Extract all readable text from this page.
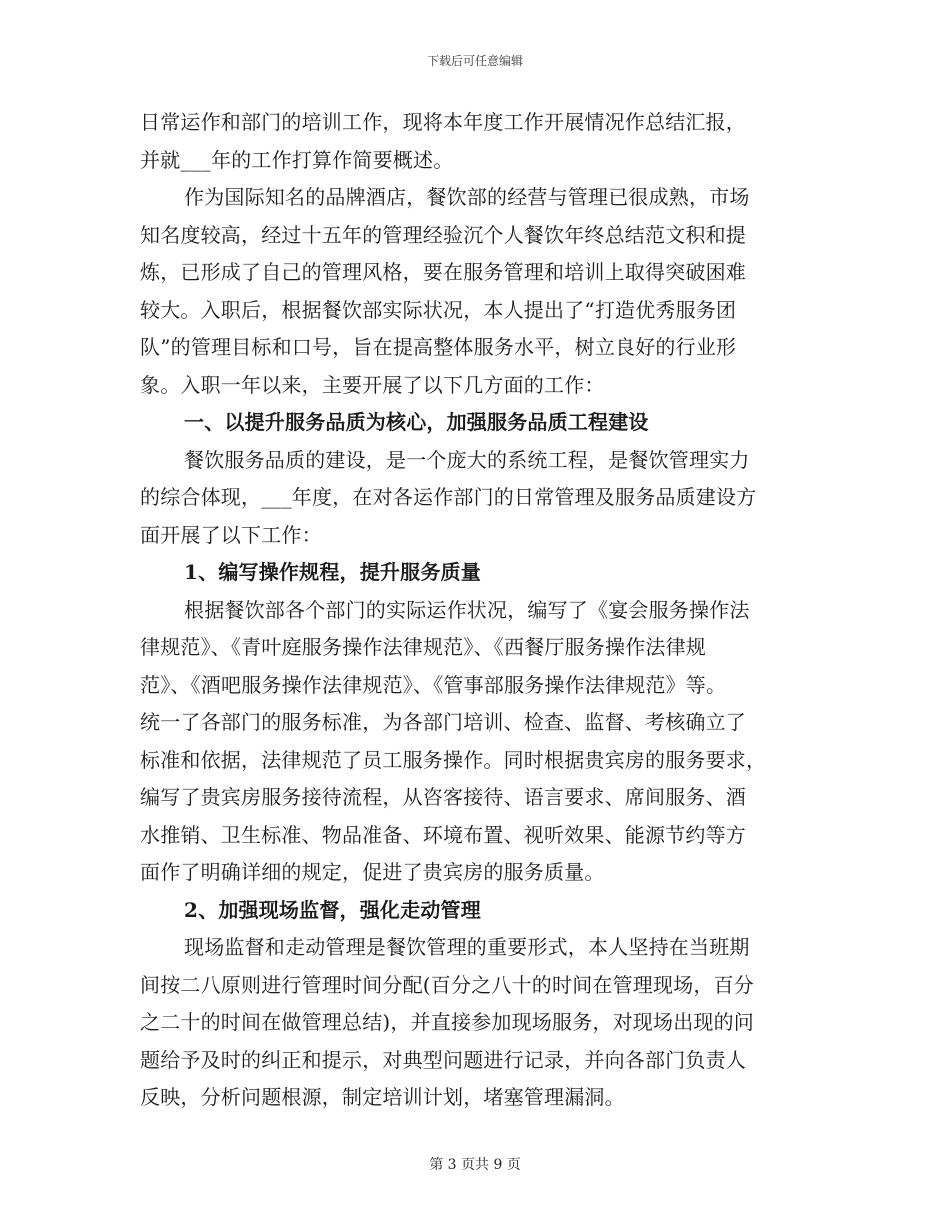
下载后可任意编辑
日常运作和部门的培训工作，现将本年度工作开展情况作总结汇报，
并就___年的工作打算作简要概述。
作为国际知名的品牌酒店，餐饮部的经营与管理已很成熟，市场
知名度较高，经过十五年的管理经验沉个人餐饮年终总结范文积和提
炼，已形成了自己的管理风格，要在服务管理和培训上取得突破困难
较大。入职后，根据餐饮部实际状况，本人提出了“打造优秀服务团
队”的管理目标和口号，旨在提高整体服务水平，树立良好的行业形
象。入职一年以来，主要开展了以下几方面的工作：
一、以提升服务品质为核心，加强服务品质工程建设
餐饮服务品质的建设，是一个庞大的系统工程，是餐饮管理实力
的综合体现，___年度，在对各运作部门的日常管理及服务品质建设方
面开展了以下工作：
1、编写操作规程，提升服务质量
根据餐饮部各个部门的实际运作状况，编写了《宴会服务操作法
律规范》、《青叶庭服务操作法律规范》、《西餐厅服务操作法律规
范》、《酒吧服务操作法律规范》、《管事部服务操作法律规范》等。
统一了各部门的服务标准，为各部门培训、检查、监督、考核确立了
标准和依据，法律规范了员工服务操作。同时根据贵宾房的服务要求，
编写了贵宾房服务接待流程，从咨客接待、语言要求、席间服务、酒
水推销、卫生标准、物品准备、环境布置、视听效果、能源节约等方
面作了明确详细的规定，促进了贵宾房的服务质量。
2、加强现场监督，强化走动管理
现场监督和走动管理是餐饮管理的重要形式，本人坚持在当班期
间按二八原则进行管理时间分配(百分之八十的时间在管理现场，百分
之二十的时间在做管理总结)，并直接参加现场服务，对现场出现的问
题给予及时的纠正和提示，对典型问题进行记录，并向各部门负责人
反映，分析问题根源，制定培训计划，堵塞管理漏洞。
第 3 页共 9 页
